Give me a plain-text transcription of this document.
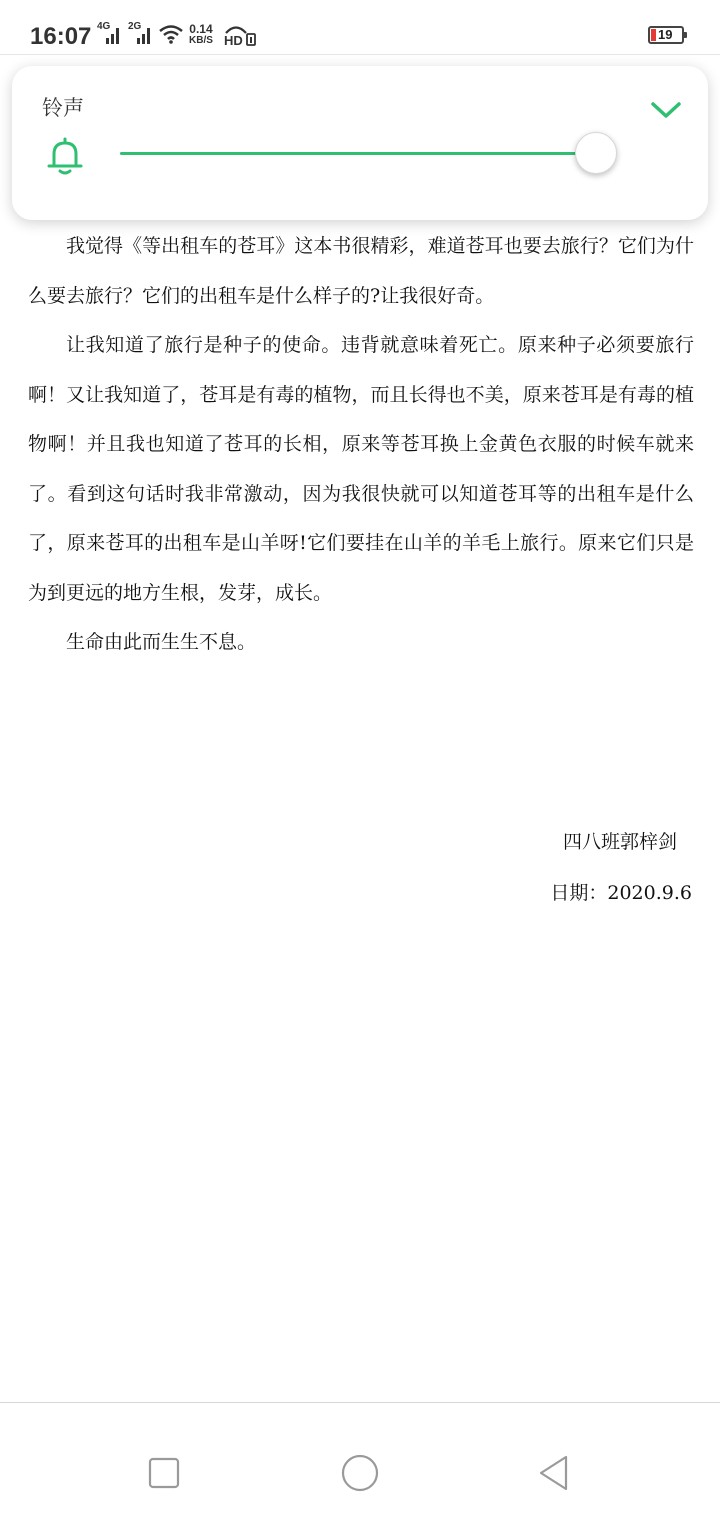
16:07 4G 2G	0.14
KB/S HD	19
铃声

我觉得《等出租车的苍耳》这本书很精彩，难道苍耳也要去旅行？它们为什么要去旅行？它们的出租车是什么样子的?让我很好奇。

让我知道了旅行是种子的使命。违背就意味着死亡。原来种子必须要旅行啊！又让我知道了，苍耳是有毒的植物，而且长得也不美，原来苍耳是有毒的植物啊！并且我也知道了苍耳的长相，原来等苍耳换上金黄色衣服的时候车就来了。看到这句话时我非常激动，因为我很快就可以知道苍耳等的出租车是什么了，原来苍耳的出租车是山羊呀!它们要挂在山羊的羊毛上旅行。原来它们只是为到更远的地方生根，发芽，成长。

生命由此而生生不息。

四八班郭梓剑
日期：2020.9.6
